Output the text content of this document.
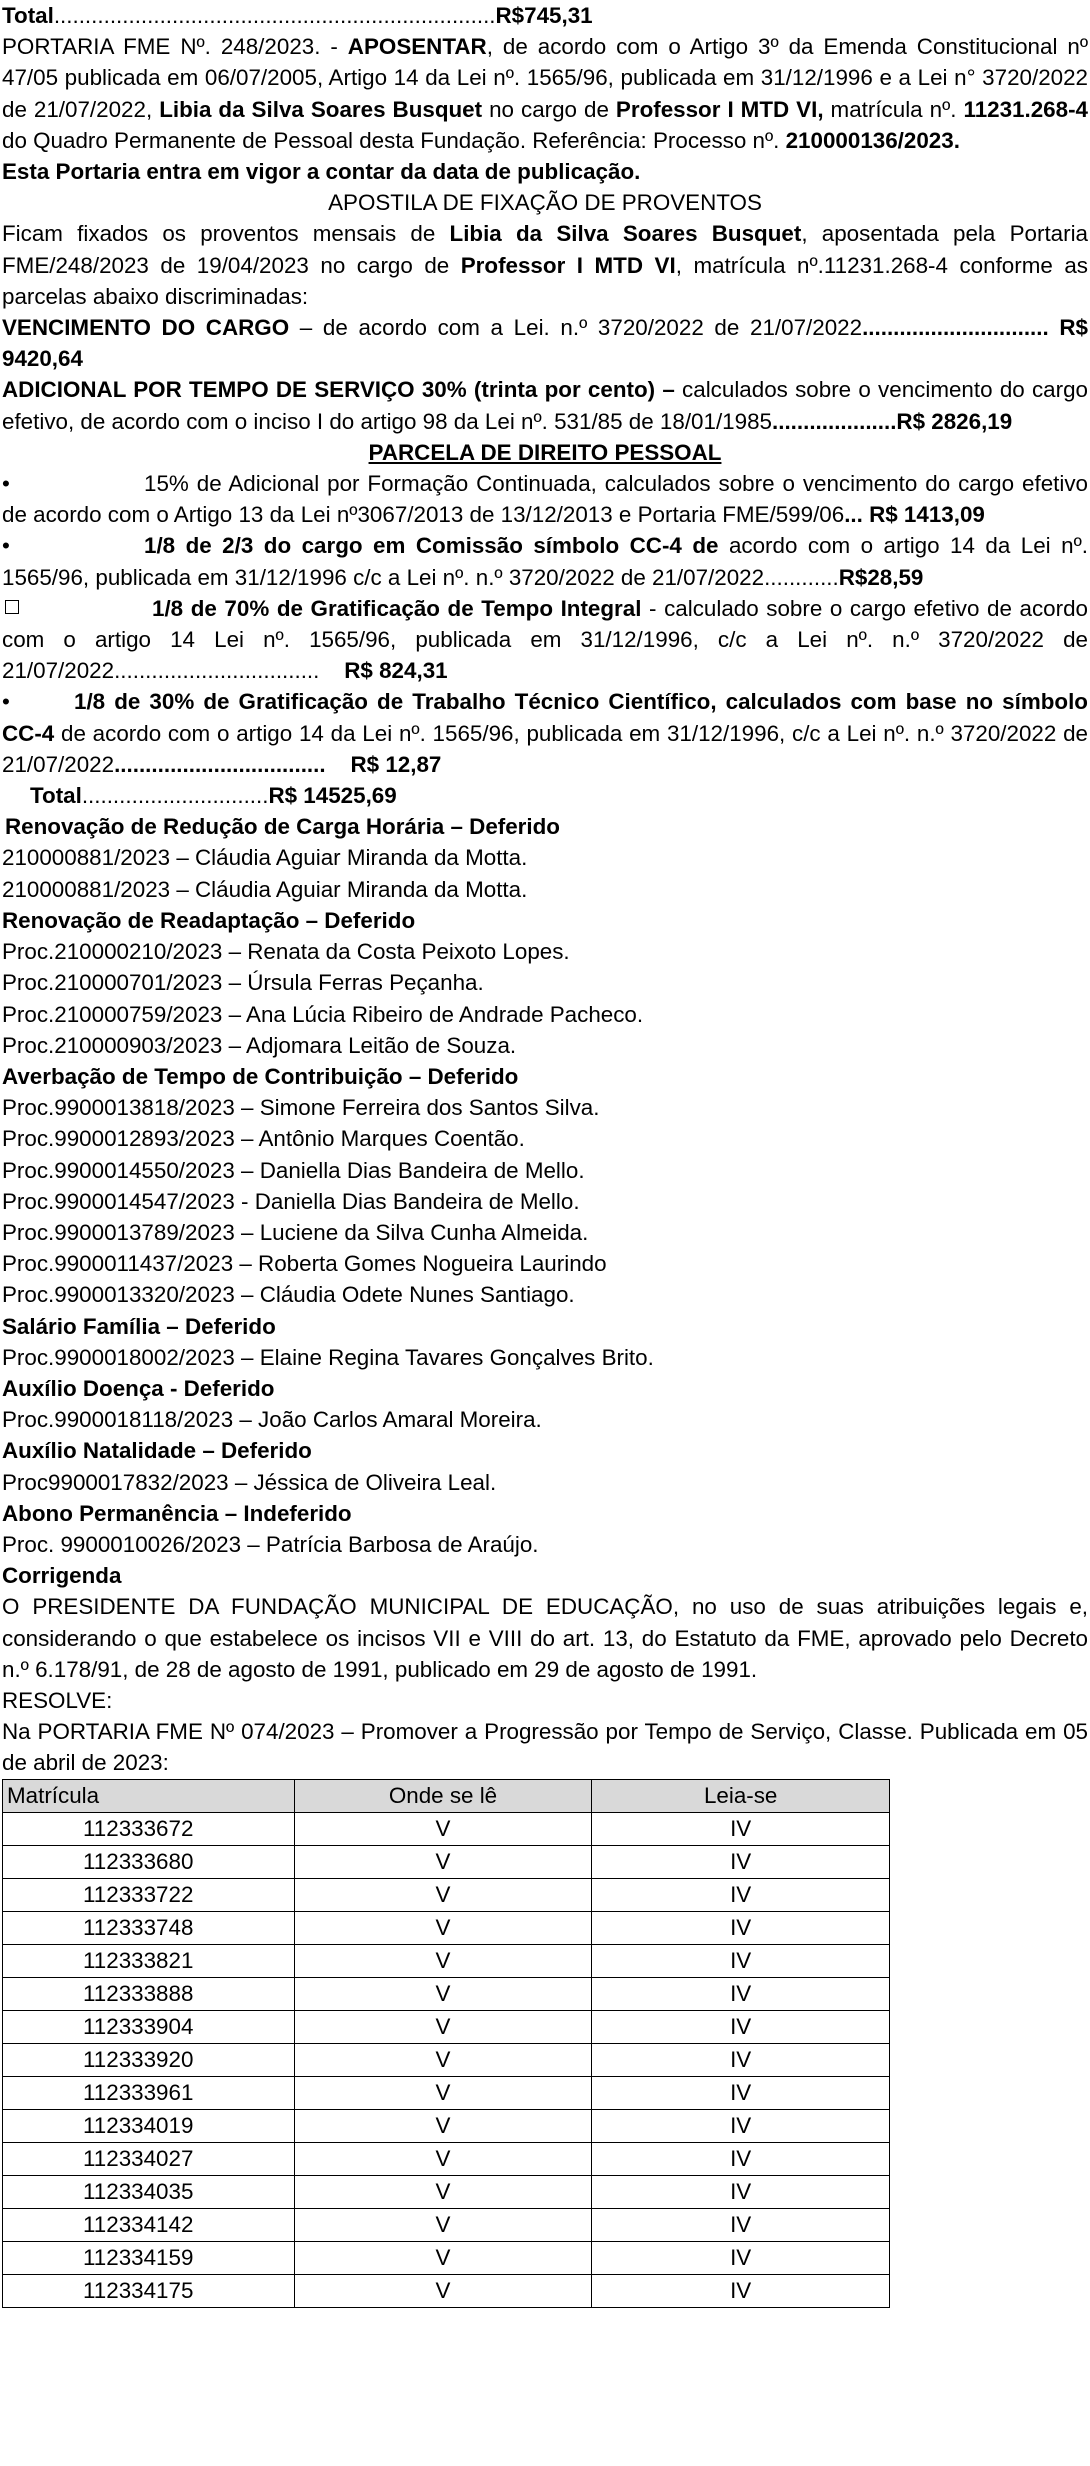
Total.......................................................................R$745,31

PORTARIA FME Nº. 248/2023. - APOSENTAR, de acordo com o Artigo 3º da Emenda Constitucional nº 47/05 publicada em 06/07/2005, Artigo 14 da Lei nº. 1565/96, publicada em 31/12/1996 e a Lei n° 3720/2022 de 21/07/2022, Libia da Silva Soares Busquet no cargo de Professor I MTD VI, matrícula nº. 11231.268-4 do Quadro Permanente de Pessoal desta Fundação. Referência: Processo nº. 210000136/2023.

Esta Portaria entra em vigor a contar da data de publicação.

APOSTILA DE FIXAÇÃO DE PROVENTOS

Ficam fixados os proventos mensais de Libia da Silva Soares Busquet, aposentada pela Portaria FME/248/2023 de 19/04/2023 no cargo de Professor I MTD VI, matrícula nº.11231.268-4 conforme as parcelas abaixo discriminadas:

VENCIMENTO DO CARGO – de acordo com a Lei. n.º 3720/2022 de 21/07/2022.............................. R$ 9420,64

ADICIONAL POR TEMPO DE SERVIÇO 30% (trinta por cento) – calculados sobre o vencimento do cargo efetivo, de acordo com o inciso I do artigo 98 da Lei nº. 531/85 de 18/01/1985....................R$ 2826,19

PARCELA DE DIREITO PESSOAL

•	15% de Adicional por Formação Continuada, calculados sobre o vencimento do cargo efetivo de acordo com o Artigo 13 da Lei nº3067/2013 de 13/12/2013 e Portaria FME/599/06... R$ 1413,09

•	1/8 de 2/3 do cargo em Comissão símbolo CC-4 de acordo com o artigo 14 da Lei nº. 1565/96, publicada em 31/12/1996 c/c a Lei nº. n.º 3720/2022 de 21/07/2022............R$28,59

1/8 de 70% de Gratificação de Tempo Integral - calculado sobre o cargo efetivo de acordo com o artigo 14 Lei nº. 1565/96, publicada em 31/12/1996, c/c a Lei nº. n.º 3720/2022 de 21/07/2022................................. R$ 824,31

•	1/8 de 30% de Gratificação de Trabalho Técnico Científico, calculados com base no símbolo CC-4 de acordo com o artigo 14 da Lei nº. 1565/96, publicada em 31/12/1996, c/c a Lei nº. n.º 3720/2022 de 21/07/2022.................................. R$ 12,87

Total..............................R$ 14525,69

Renovação de Redução de Carga Horária – Deferido

210000881/2023 – Cláudia Aguiar Miranda da Motta.

210000881/2023 – Cláudia Aguiar Miranda da Motta.

Renovação de Readaptação – Deferido

Proc.210000210/2023 – Renata da Costa Peixoto Lopes.

Proc.210000701/2023 – Úrsula Ferras Peçanha.

Proc.210000759/2023 – Ana Lúcia Ribeiro de Andrade Pacheco.

Proc.210000903/2023 – Adjomara Leitão de Souza.

Averbação de Tempo de Contribuição – Deferido

Proc.9900013818/2023 – Simone Ferreira dos Santos Silva.

Proc.9900012893/2023 – Antônio Marques Coentão.

Proc.9900014550/2023 – Daniella Dias Bandeira de Mello.

Proc.9900014547/2023 - Daniella Dias Bandeira de Mello.

Proc.9900013789/2023 – Luciene da Silva Cunha Almeida.

Proc.9900011437/2023 – Roberta Gomes Nogueira Laurindo

Proc.9900013320/2023 – Cláudia Odete Nunes Santiago.

Salário Família – Deferido

Proc.9900018002/2023 – Elaine Regina Tavares Gonçalves Brito.

Auxílio Doença - Deferido

Proc.9900018118/2023 – João Carlos Amaral Moreira.

Auxílio Natalidade – Deferido

Proc9900017832/2023 – Jéssica de Oliveira Leal.

Abono Permanência – Indeferido

Proc. 9900010026/2023 – Patrícia Barbosa de Araújo.

Corrigenda

O PRESIDENTE DA FUNDAÇÃO MUNICIPAL DE EDUCAÇÃO, no uso de suas atribuições legais e, considerando o que estabelece os incisos VII e VIII do art. 13, do Estatuto da FME, aprovado pelo Decreto n.º 6.178/91, de 28 de agosto de 1991, publicado em 29 de agosto de 1991.

RESOLVE:

Na PORTARIA FME Nº 074/2023 – Promover a Progressão por Tempo de Serviço, Classe. Publicada em 05 de abril de 2023:

Matrícula	Onde se lê	Leia-se
112333672	V	IV
112333680	V	IV
112333722	V	IV
112333748	V	IV
112333821	V	IV
112333888	V	IV
112333904	V	IV
112333920	V	IV
112333961	V	IV
112334019	V	IV
112334027	V	IV
112334035	V	IV
112334142	V	IV
112334159	V	IV
112334175	V	IV
